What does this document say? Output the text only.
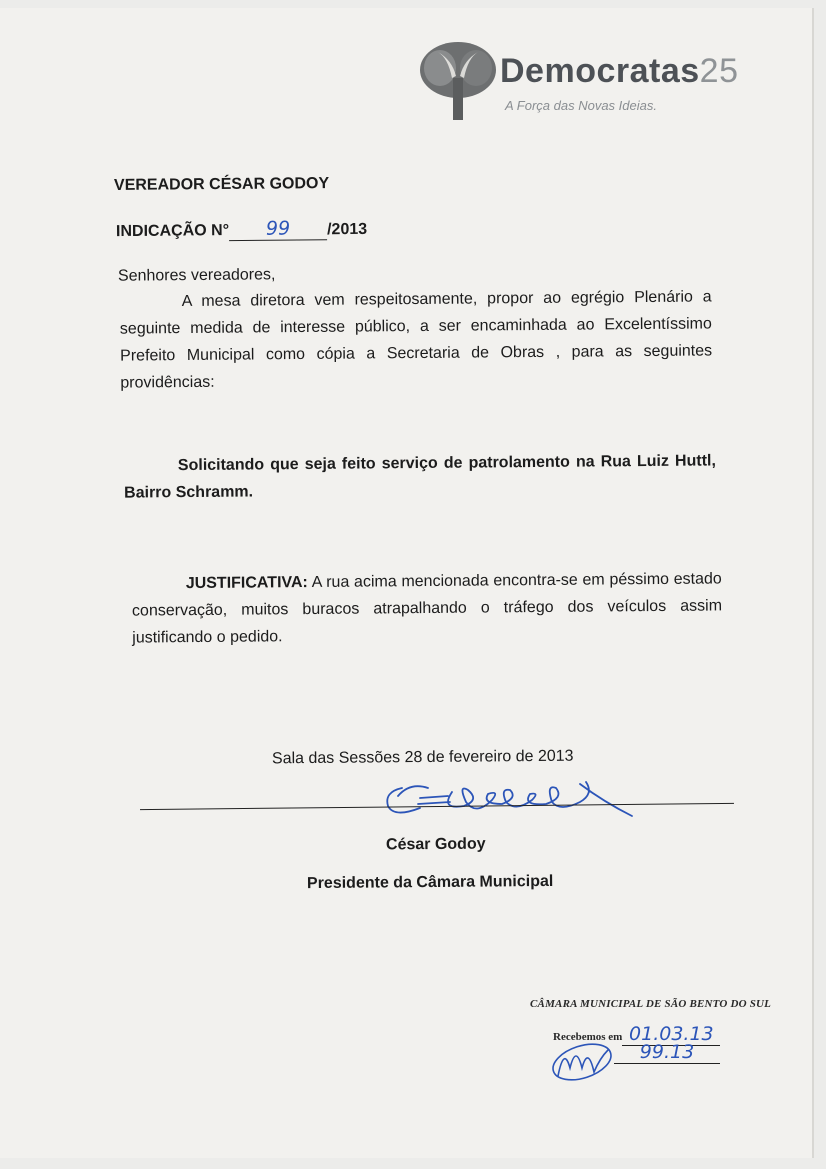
Democratas25
A Força das Novas Ideias.
VEREADOR CÉSAR GODOY
INDICAÇÃO N° 99 /2013
Senhores vereadores,
A mesa diretora vem respeitosamente, propor ao egrégio Plenário a seguinte medida de interesse público, a ser encaminhada ao Excelentíssimo Prefeito Municipal como cópia a Secretaria de Obras , para as seguintes providências:
Solicitando que seja feito serviço de patrolamento na Rua Luiz Huttl, Bairro Schramm.
JUSTIFICATIVA: A rua acima mencionada encontra-se em péssimo estado conservação, muitos buracos atrapalhando o tráfego dos veículos assim justificando o pedido.
Sala das Sessões 28 de fevereiro de 2013
César Godoy
Presidente da Câmara Municipal
CÂMARA MUNICIPAL DE SÃO BENTO DO SUL
Recebemos em 01.03.13
99.13
